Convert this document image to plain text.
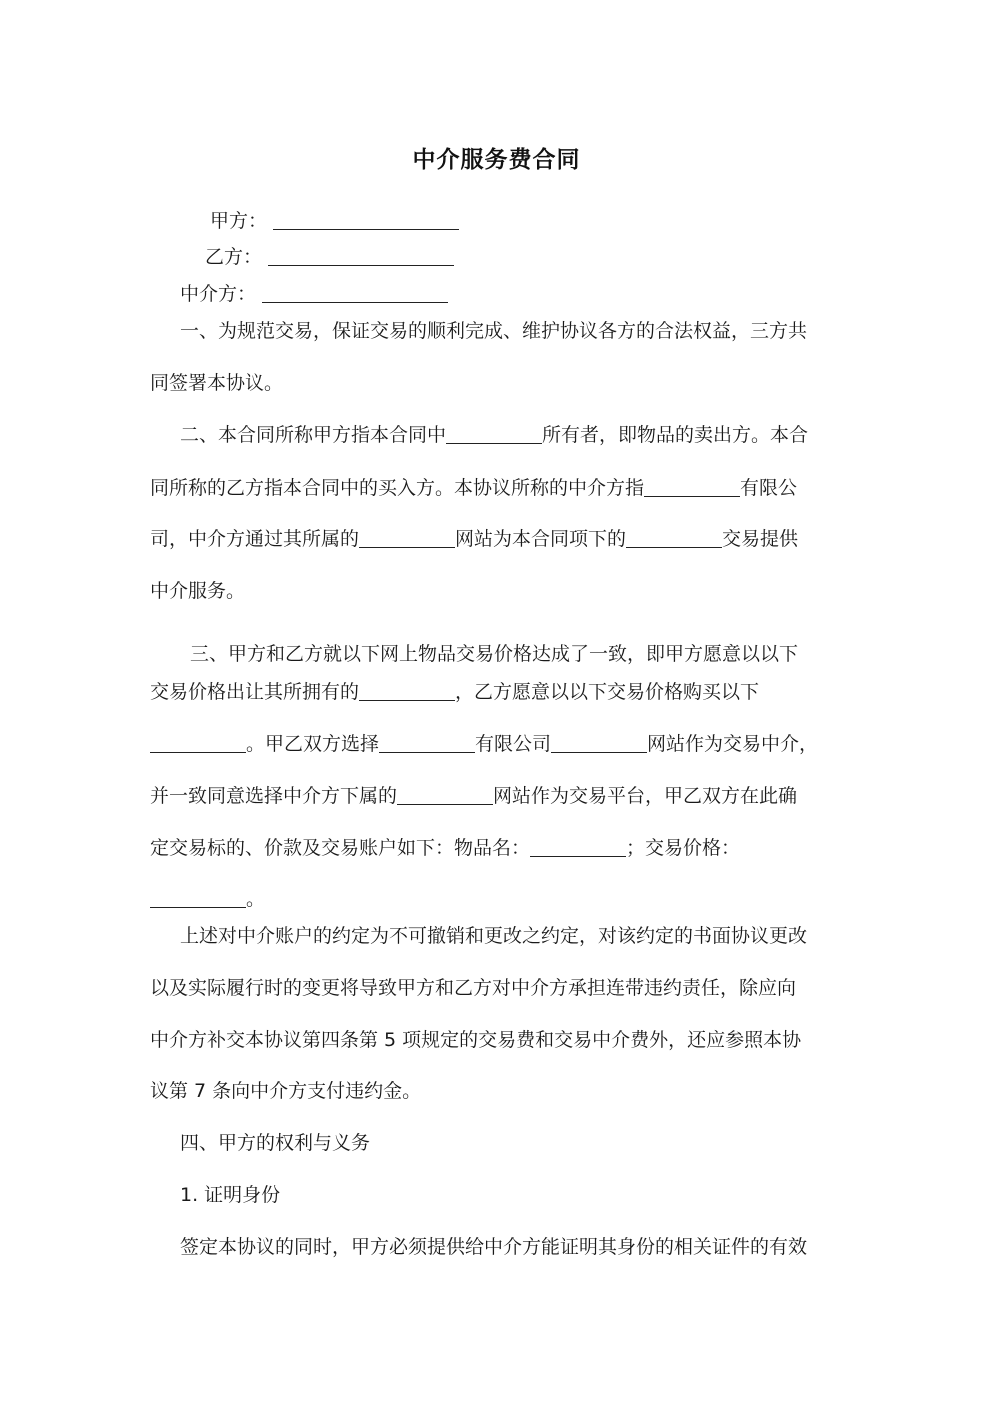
中介服务费合同
甲方：
乙方：
中介方：
一、为规范交易，保证交易的顺利完成、维护协议各方的合法权益，三方共
同签署本协议。
二、本合同所称甲方指本合同中	所有者，即物品的卖出方。本合
同所称的乙方指本合同中的买入方。本协议所称的中介方指	有限公
司，中介方通过其所属的	网站为本合同项下的	交易提供
中介服务。
三、甲方和乙方就以下网上物品交易价格达成了一致，即甲方愿意以以下
交易价格出让其所拥有的	，乙方愿意以以下交易价格购买以下
。甲乙双方选择	有限公司	网站作为交易中介，
并一致同意选择中介方下属的	网站作为交易平台，甲乙双方在此确
定交易标的、价款及交易账户如下：物品名：	；交易价格：
。
上述对中介账户的约定为不可撤销和更改之约定，对该约定的书面协议更改
以及实际履行时的变更将导致甲方和乙方对中介方承担连带违约责任，除应向
中介方补交本协议第四条第 5 项规定的交易费和交易中介费外，还应参照本协
议第 7 条向中介方支付违约金。
四、甲方的权利与义务
1. 证明身份
签定本协议的同时，甲方必须提供给中介方能证明其身份的相关证件的有效
